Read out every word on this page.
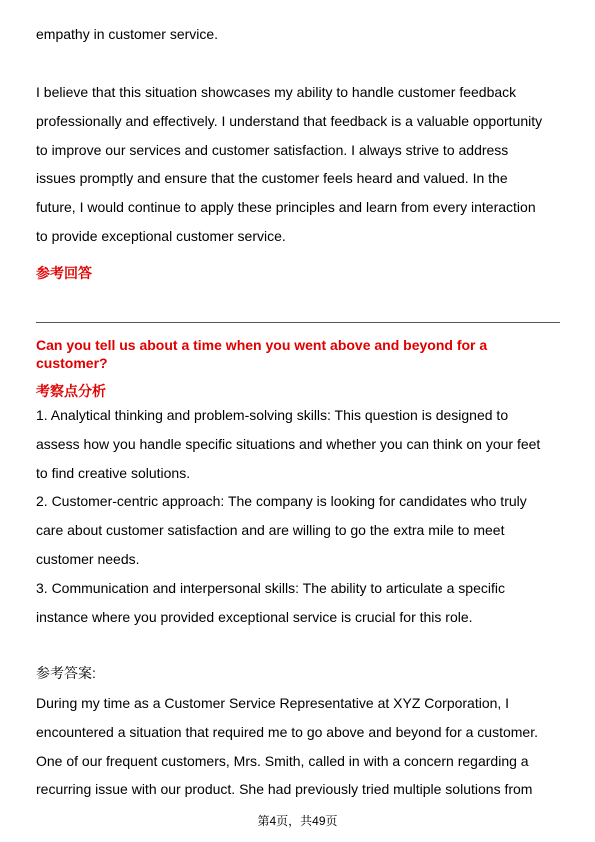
empathy in customer service.

I believe that this situation showcases my ability to handle customer feedback

professionally and effectively. I understand that feedback is a valuable opportunity

to improve our services and customer satisfaction. I always strive to address

issues promptly and ensure that the customer feels heard and valued. In the

future, I would continue to apply these principles and learn from every interaction

to provide exceptional customer service.

参考回答
Can you tell us about a time when you went above and beyond for a
customer?
考察点分析

1. Analytical thinking and problem-solving skills: This question is designed to

assess how you handle specific situations and whether you can think on your feet

to find creative solutions.

2. Customer-centric approach: The company is looking for candidates who truly

care about customer satisfaction and are willing to go the extra mile to meet

customer needs.

3. Communication and interpersonal skills: The ability to articulate a specific

instance where you provided exceptional service is crucial for this role.

参考答案:

During my time as a Customer Service Representative at XYZ Corporation, I

encountered a situation that required me to go above and beyond for a customer.

One of our frequent customers, Mrs. Smith, called in with a concern regarding a

recurring issue with our product. She had previously tried multiple solutions from

第4页，共49页
